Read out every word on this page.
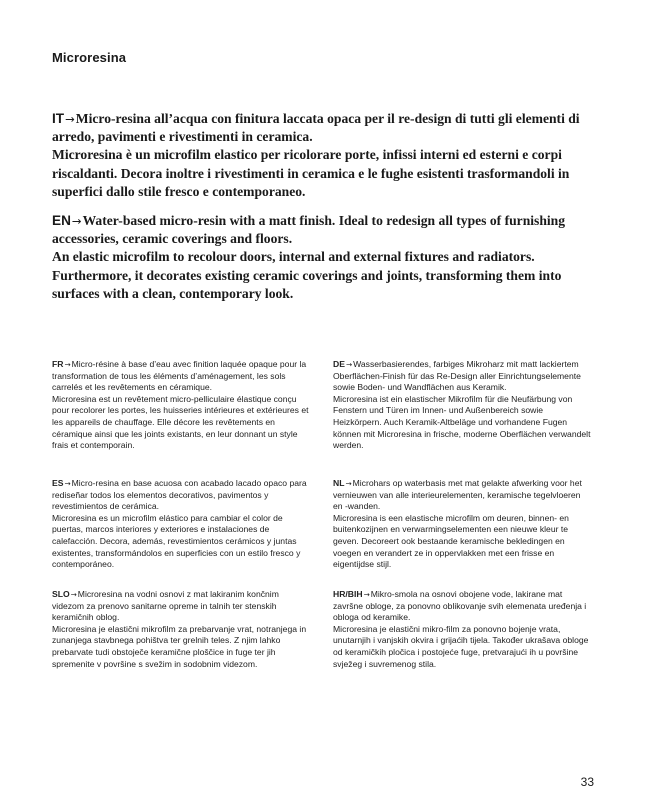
Microresina
IT→Micro-resina all’acqua con finitura laccata opaca per il re-design di tutti gli elementi di arredo, pavimenti e rivestimenti in ceramica.
Microresina è un microfilm elastico per ricolorare porte, infissi interni ed esterni e corpi riscaldanti. Decora inoltre i rivestimenti in ceramica e le fughe esistenti trasformandoli in superfici dallo stile fresco e contemporaneo.
EN→Water-based micro-resin with a matt finish. Ideal to redesign all types of furnishing accessories, ceramic coverings and floors.
An elastic microfilm to recolour doors, internal and external fixtures and radiators. Furthermore, it decorates existing ceramic coverings and joints, transforming them into surfaces with a clean, contemporary look.
FR→Micro-résine à base d’eau avec finition laquée opaque pour la transformation de tous les éléments d’aménagement, les sols carrelés et les revêtements en céramique.
Microresina est un revêtement micro-pelliculaire élastique conçu pour recolorer les portes, les huisseries intérieures et extérieures et les appareils de chauffage. Elle décore les revêtements en céramique ainsi que les joints existants, en leur donnant un style frais et contemporain.
DE→Wasserbasierendes, farbiges Mikroharz mit matt lackiertem Oberflächen-Finish für das Re-Design aller Einrichtungselemente sowie Boden- und Wandflächen aus Keramik.
Microresina ist ein elastischer Mikrofilm für die Neufärbung von Fenstern und Türen im Innen- und Außenbereich sowie Heizkörpern. Auch Keramik-Altbeläge und vorhandene Fugen können mit Microresina in frische, moderne Oberflächen verwandelt werden.
ES→Micro-resina en base acuosa con acabado lacado opaco para rediseñar todos los elementos decorativos, pavimentos y revestimientos de cerámica.
Microresina es un microfilm elástico para cambiar el color de puertas, marcos interiores y exteriores e instalaciones de calefacción. Decora, además, revestimientos cerámicos y juntas existentes, transformándolos en superficies con un estilo fresco y contemporáneo.
NL→Microhars op waterbasis met mat gelakte afwerking voor het vernieuwen van alle interieurelementen, keramische tegelvloeren en -wanden.
Microresina is een elastische microfilm om deuren, binnen- en buitenkozijnen en verwarmingselementen een nieuwe kleur te geven. Decoreert ook bestaande keramische bekledingen en voegen en verandert ze in oppervlakken met een frisse en eigentijdse stijl.
SLO→Microresina na vodni osnovi z mat lakiranim končnim videzom za prenovo sanitarne opreme in talnih ter stenskih keramičnih oblog.
Microresina je elastični mikrofilm za prebarvanje vrat, notranjega in zunanjega stavbnega pohištva ter grelnih teles. Z njim lahko prebarvate tudi obstoječe keramične ploščice in fuge ter jih spremenite v površine s svežim in sodobnim videzom.
HR/BIH→Mikro-smola na osnovi obojene vode, lakirane mat završne obloge, za ponovno oblikovanje svih elemenata uređenja i obloga od keramike.
Microresina je elastični mikro-film za ponovno bojenje vrata, unutarnjih i vanjskih okvira i grijaćih tijela. Također ukrašava obloge od keramičkih pločica i postojeće fuge, pretvarajući ih u površine svježeg i suvremenog stila.
33
